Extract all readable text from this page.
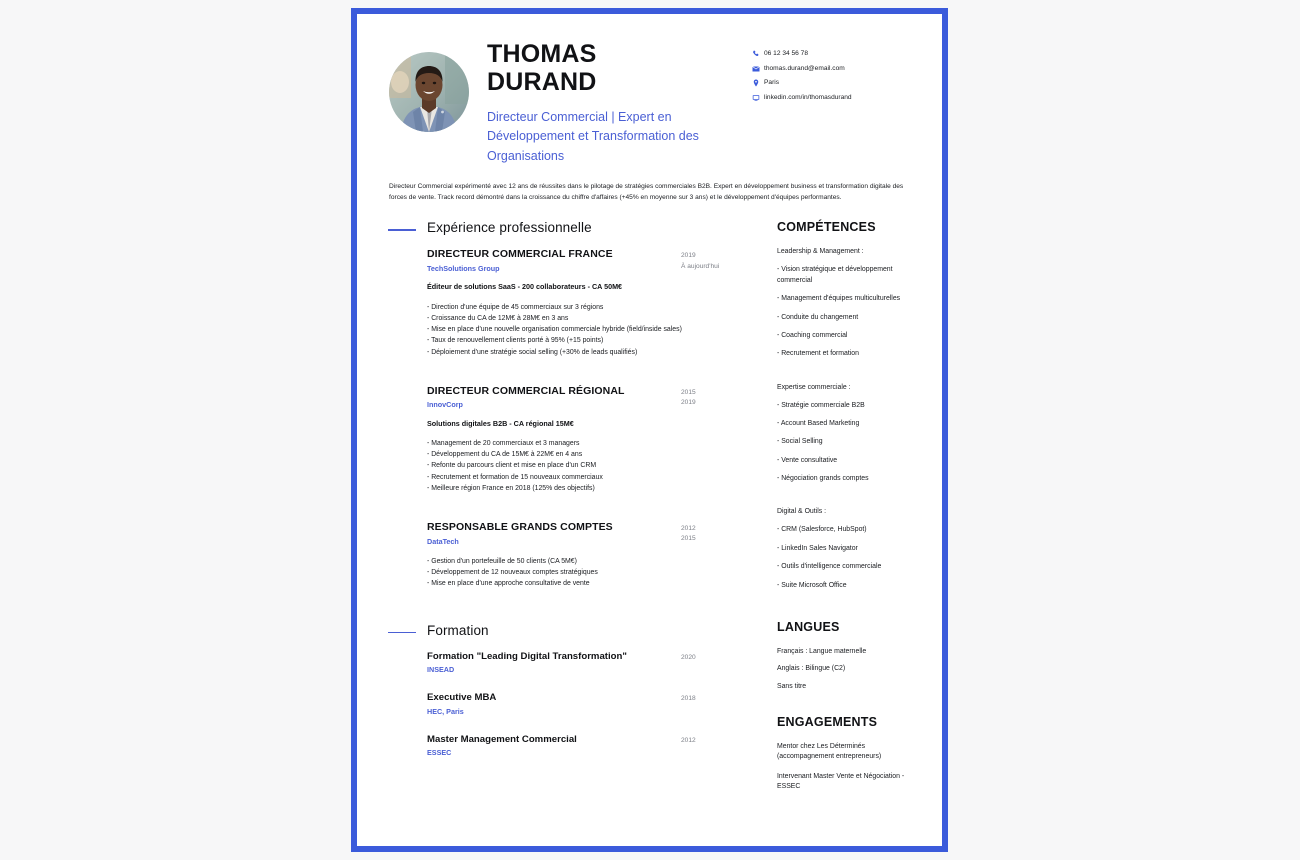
THOMAS
DURAND
Directeur Commercial | Expert en Développement et Transformation des Organisations
06 12 34 56 78
thomas.durand@email.com
Paris
linkedin.com/in/thomasdurand
Directeur Commercial expérimenté avec 12 ans de réussites dans le pilotage de stratégies commerciales B2B. Expert en développement business et transformation digitale des forces de vente. Track record démontré dans la croissance du chiffre d'affaires (+45% en moyenne sur 3 ans) et le développement d'équipes performantes.
Expérience professionnelle
DIRECTEUR COMMERCIAL FRANCE
TechSolutions Group
2019
À aujourd'hui
Éditeur de solutions SaaS - 200 collaborateurs - CA 50M€
- Direction d'une équipe de 45 commerciaux sur 3 régions
- Croissance du CA de 12M€ à 28M€ en 3 ans
- Mise en place d'une nouvelle organisation commerciale hybride (field/inside sales)
- Taux de renouvellement clients porté à 95% (+15 points)
- Déploiement d'une stratégie social selling (+30% de leads qualifiés)
DIRECTEUR COMMERCIAL RÉGIONAL
InnovCorp
2015
2019
Solutions digitales B2B - CA régional 15M€
- Management de 20 commerciaux et 3 managers
- Développement du CA de 15M€ à 22M€ en 4 ans
- Refonte du parcours client et mise en place d'un CRM
- Recrutement et formation de 15 nouveaux commerciaux
- Meilleure région France en 2018 (125% des objectifs)
RESPONSABLE GRANDS COMPTES
DataTech
2012
2015
- Gestion d'un portefeuille de 50 clients (CA 5M€)
- Développement de 12 nouveaux comptes stratégiques
- Mise en place d'une approche consultative de vente
Formation
Formation "Leading Digital Transformation"
INSEAD
2020
Executive MBA
HEC, Paris
2018
Master Management Commercial
ESSEC
2012
COMPÉTENCES
Leadership & Management :
- Vision stratégique et développement commercial
- Management d'équipes multiculturelles
- Conduite du changement
- Coaching commercial
- Recrutement et formation
Expertise commerciale :
- Stratégie commerciale B2B
- Account Based Marketing
- Social Selling
- Vente consultative
- Négociation grands comptes
Digital & Outils :
- CRM (Salesforce, HubSpot)
- LinkedIn Sales Navigator
- Outils d'intelligence commerciale
- Suite Microsoft Office
LANGUES
Français : Langue maternelle
Anglais : Bilingue (C2)
Sans titre
ENGAGEMENTS
Mentor chez Les Déterminés (accompagnement entrepreneurs)
Intervenant Master Vente et Négociation - ESSEC
